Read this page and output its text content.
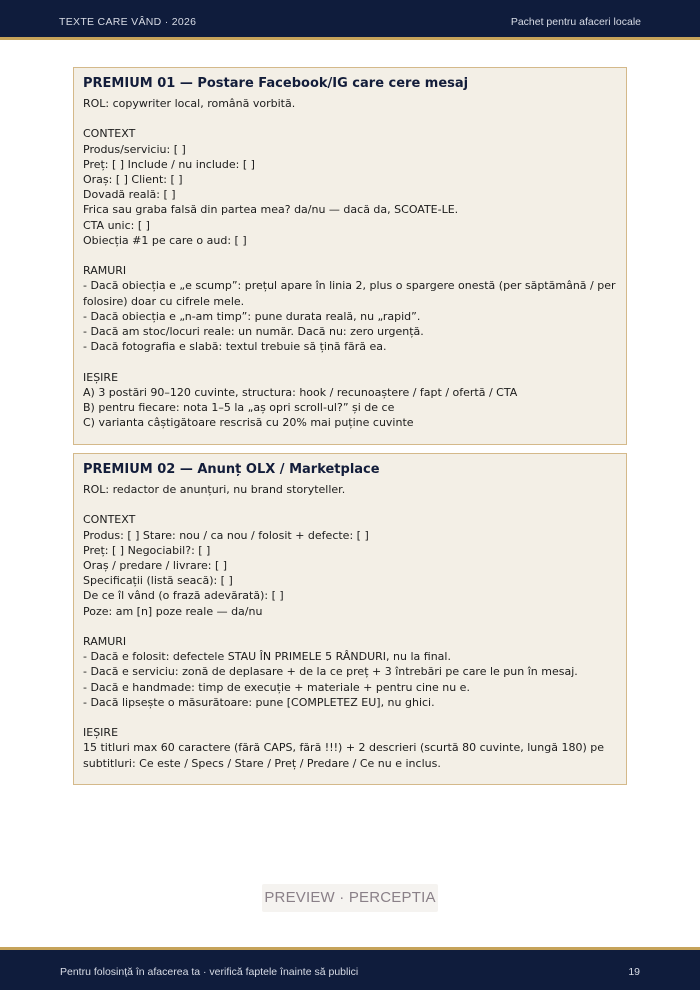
TEXTE CARE VÂND · 2026	Pachet pentru afaceri locale
PREMIUM 01 — Postare Facebook/IG care cere mesaj
ROL: copywriter local, română vorbită.
CONTEXT
Produs/serviciu: [ ]
Preț: [ ] Include / nu include: [ ]
Oraș: [ ] Client: [ ]
Dovadă reală: [ ]
Frica sau graba falsă din partea mea? da/nu — dacă da, SCOATE-LE.
CTA unic: [ ]
Obiecția #1 pe care o aud: [ ]
RAMURI
- Dacă obiecția e „e scump”: prețul apare în linia 2, plus o spargere onestă (per săptămână / per folosire) doar cu cifrele mele.
- Dacă obiecția e „n-am timp”: pune durata reală, nu „rapid”.
- Dacă am stoc/locuri reale: un număr. Dacă nu: zero urgență.
- Dacă fotografia e slabă: textul trebuie să țină fără ea.
IEȘIRE
A) 3 postări 90–120 cuvinte, structura: hook / recunoaștere / fapt / ofertă / CTA
B) pentru fiecare: nota 1–5 la „aș opri scroll-ul?” și de ce
C) varianta câștigătoare rescrisă cu 20% mai puține cuvinte
PREMIUM 02 — Anunț OLX / Marketplace
ROL: redactor de anunțuri, nu brand storyteller.
CONTEXT
Produs: [ ] Stare: nou / ca nou / folosit + defecte: [ ]
Preț: [ ] Negociabil?: [ ]
Oraș / predare / livrare: [ ]
Specificații (listă seacă): [ ]
De ce îl vând (o frază adevărată): [ ]
Poze: am [n] poze reale — da/nu
RAMURI
- Dacă e folosit: defectele STAU ÎN PRIMELE 5 RÂNDURI, nu la final.
- Dacă e serviciu: zonă de deplasare + de la ce preț + 3 întrebări pe care le pun în mesaj.
- Dacă e handmade: timp de execuție + materiale + pentru cine nu e.
- Dacă lipsește o măsurătoare: pune [COMPLETEZ EU], nu ghici.
IEȘIRE
15 titluri max 60 caractere (fără CAPS, fără !!!) + 2 descrieri (scurtă 80 cuvinte, lungă 180) pe subtitluri: Ce este / Specs / Stare / Preț / Predare / Ce nu e inclus.
PREVIEW · PERCEPTIA
Pentru folosință în afacerea ta · verifică faptele înainte să publici	19
